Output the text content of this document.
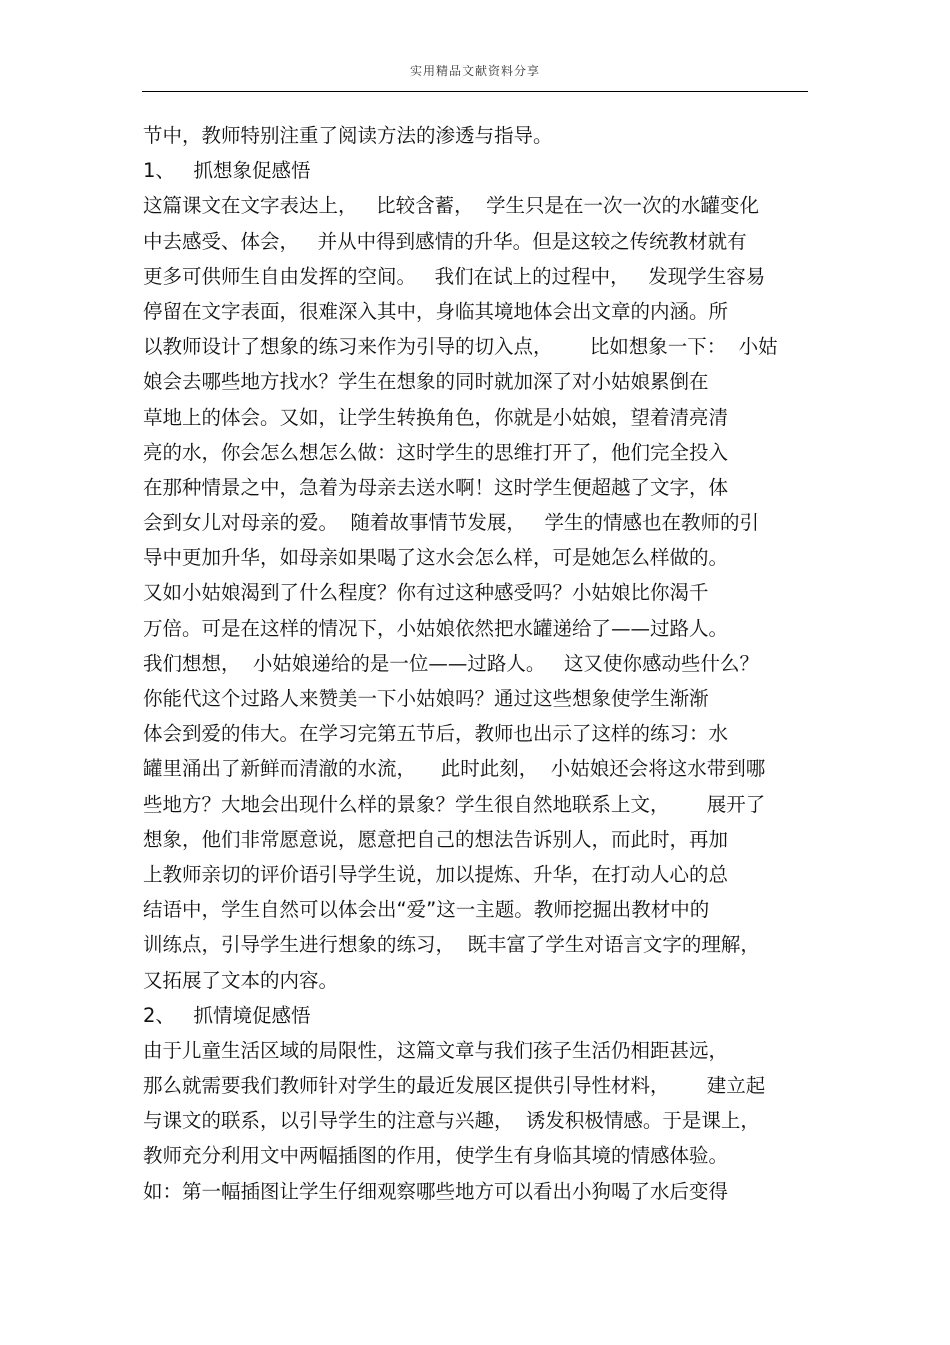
实用精品文献资料分享
节中，教师特别注重了阅读方法的渗透与指导。
1、   抓想象促感悟
这篇课文在文字表达上，   比较含蓄，  学生只是在一次一次的水罐变化
中去感受、体会，   并从中得到感情的升华。但是这较之传统教材就有
更多可供师生自由发挥的空间。   我们在试上的过程中，   发现学生容易
停留在文字表面，很难深入其中，身临其境地体会出文章的内涵。所
以教师设计了想象的练习来作为引导的切入点，      比如想象一下：  小姑
娘会去哪些地方找水？学生在想象的同时就加深了对小姑娘累倒在
草地上的体会。又如，让学生转换角色，你就是小姑娘，望着清亮清
亮的水，你会怎么想怎么做：这时学生的思维打开了，他们完全投入
在那种情景之中，急着为母亲去送水啊！这时学生便超越了文字，体
会到女儿对母亲的爱。  随着故事情节发展，   学生的情感也在教师的引
导中更加升华，如母亲如果喝了这水会怎么样，可是她怎么样做的。
又如小姑娘渴到了什么程度？你有过这种感受吗？小姑娘比你渴千
万倍。可是在这样的情况下，小姑娘依然把水罐递给了——过路人。
我们想想，  小姑娘递给的是一位——过路人。   这又使你感动些什么？
你能代这个过路人来赞美一下小姑娘吗？通过这些想象使学生渐渐
体会到爱的伟大。在学习完第五节后，教师也出示了这样的练习：水
罐里涌出了新鲜而清澈的水流，    此时此刻，  小姑娘还会将这水带到哪
些地方？大地会出现什么样的景象？学生很自然地联系上文，      展开了
想象，他们非常愿意说，愿意把自己的想法告诉别人，而此时，再加
上教师亲切的评价语引导学生说，加以提炼、升华，在打动人心的总
结语中，学生自然可以体会出“爱”这一主题。教师挖掘出教材中的
训练点，引导学生进行想象的练习，  既丰富了学生对语言文字的理解，
又拓展了文本的内容。
2、   抓情境促感悟
由于儿童生活区域的局限性，这篇文章与我们孩子生活仍相距甚远，
那么就需要我们教师针对学生的最近发展区提供引导性材料，      建立起
与课文的联系，以引导学生的注意与兴趣，  诱发积极情感。于是课上，
教师充分利用文中两幅插图的作用，使学生有身临其境的情感体验。
如：第一幅插图让学生仔细观察哪些地方可以看出小狗喝了水后变得
